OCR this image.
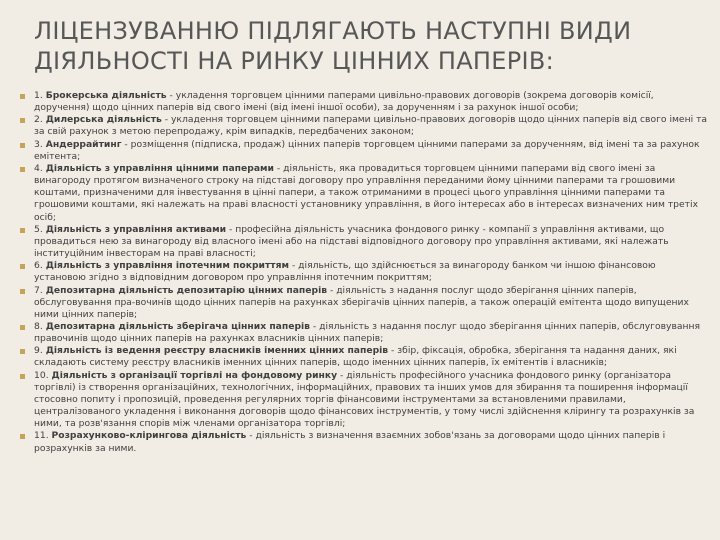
ЛІЦЕНЗУВАННЮ ПІДЛЯГАЮТЬ НАСТУПНІ ВИДИ ДІЯЛЬНОСТІ НА РИНКУ ЦІННИХ ПАПЕРІВ:
1. Брокерська діяльність - укладення торговцем цінними паперами цивільно-правових договорів (зокрема договорів комісії, доручення) щодо цінних паперів від свого імені (від імені іншої особи), за дорученням і за рахунок іншої особи;
2. Дилерська діяльність - укладення торговцем цінними паперами цивільно-правових договорів щодо цінних паперів від свого імені та за свій рахунок з метою перепродажу, крім випадків, передбачених законом;
3. Андеррайтинг - розміщення (підписка, продаж) цінних паперів торговцем цінними паперами за дорученням, від імені та за рахунок емітента;
4. Діяльність з управління цінними паперами - діяльність, яка провадиться торговцем цінними паперами від свого імені за винагороду протягом визначеного строку на підставі договору про управління переданими йому цінними паперами та грошовими коштами, призначеними для інвестування в цінні папери, а також отриманими в процесі цього управління цінними паперами та грошовими коштами, які належать на праві власності установнику управління, в його інтересах або в інтересах визначених ним третіх осіб;
5. Діяльність з управління активами - професійна діяльність учасника фондового ринку - компанії з управління активами, що провадиться нею за винагороду від власного імені або на підставі відповідного договору про управління активами, які належать інституційним інвесторам на праві власності;
6. Діяльність з управління іпотечним покриттям - діяльність, що здійснюється за винагороду банком чи іншою фінансовою установою згідно з відповідним договором про управління іпотечним покриттям;
7. Депозитарна діяльність депозитарію цінних паперів - діяльність з надання послуг щодо зберігання цінних паперів, обслуговування пра-вочинів щодо цінних паперів на рахунках зберігачів цінних паперів, а також операцій емітента щодо випущених ними цінних паперів;
8. Депозитарна діяльність зберігача цінних паперів - діяльність з надання послуг щодо зберігання цінних паперів, обслуговування правочинів щодо цінних паперів на рахунках власників цінних паперів;
9. Діяльність із ведення реєстру власників іменних цінних паперів - збір, фіксація, обробка, зберігання та надання даних, які складають систему реєстру власників іменних цінних паперів, щодо іменних цінних паперів, їх емітентів і власників;
10. Діяльність з організації торгівлі на фондовому ринку - діяльність професійного учасника фондового ринку (організатора торгівлі) із створення організаційних, технологічних, інформаційних, правових та інших умов для збирання та поширення інформації стосовно попиту і пропозицій, проведення регулярних торгів фінансовими інструментами за встановленими правилами, централізованого укладення і виконання договорів щодо фінансових інструментів, у тому числі здійснення клірингу та розрахунків за ними, та розв'язання спорів між членами організатора торгівлі;
11. Розрахунково-клірингова діяльність - діяльність з визначення взаємних зобов'язань за договорами щодо цінних паперів і розрахунків за ними.
